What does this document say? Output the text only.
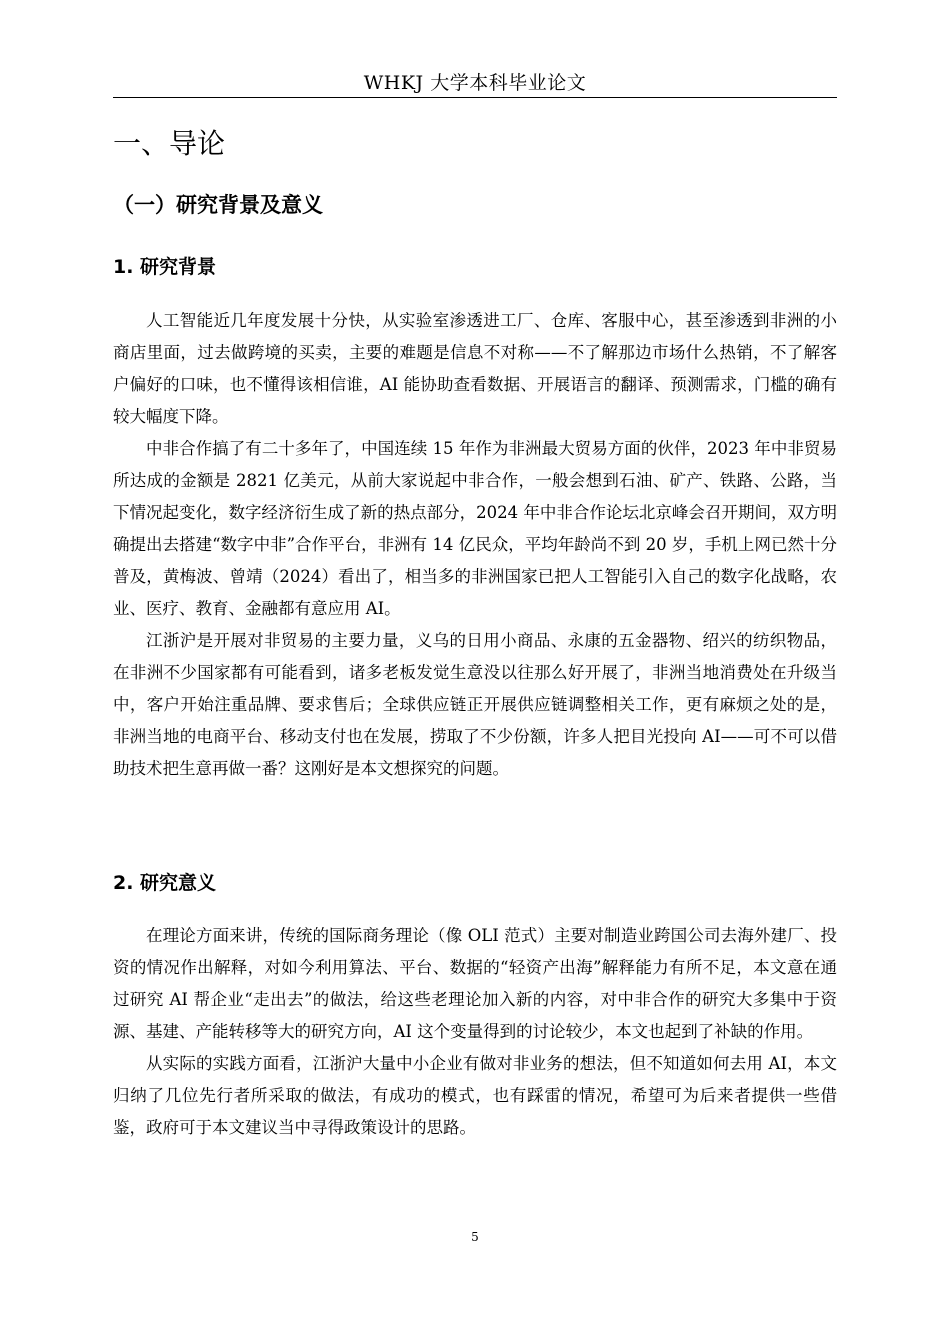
WHKJ 大学本科毕业论文
一、导论
（一）研究背景及意义
1. 研究背景

人工智能近几年度发展十分快，从实验室渗透进工厂、仓库、客服中心，甚至渗透到非洲的小商店里面，过去做跨境的买卖，主要的难题是信息不对称——不了解那边市场什么热销，不了解客户偏好的口味，也不懂得该相信谁，AI 能协助查看数据、开展语言的翻译、预测需求，门槛的确有较大幅度下降。

中非合作搞了有二十多年了，中国连续 15 年作为非洲最大贸易方面的伙伴，2023 年中非贸易所达成的金额是 2821 亿美元，从前大家说起中非合作，一般会想到石油、矿产、铁路、公路，当下情况起变化，数字经济衍生成了新的热点部分，2024 年中非合作论坛北京峰会召开期间，双方明确提出去搭建“数字中非”合作平台，非洲有 14 亿民众，平均年龄尚不到 20 岁，手机上网已然十分普及，黄梅波、曾靖（2024）看出了，相当多的非洲国家已把人工智能引入自己的数字化战略，农业、医疗、教育、金融都有意应用 AI。

江浙沪是开展对非贸易的主要力量，义乌的日用小商品、永康的五金器物、绍兴的纺织物品，在非洲不少国家都有可能看到，诸多老板发觉生意没以往那么好开展了，非洲当地消费处在升级当中，客户开始注重品牌、要求售后；全球供应链正开展供应链调整相关工作，更有麻烦之处的是，非洲当地的电商平台、移动支付也在发展，捞取了不少份额，许多人把目光投向 AI——可不可以借助技术把生意再做一番？这刚好是本文想探究的问题。

2. 研究意义

在理论方面来讲，传统的国际商务理论（像 OLI 范式）主要对制造业跨国公司去海外建厂、投资的情况作出解释，对如今利用算法、平台、数据的“轻资产出海”解释能力有所不足，本文意在通过研究 AI 帮企业“走出去”的做法，给这些老理论加入新的内容，对中非合作的研究大多集中于资源、基建、产能转移等大的研究方向，AI 这个变量得到的讨论较少，本文也起到了补缺的作用。

从实际的实践方面看，江浙沪大量中小企业有做对非业务的想法，但不知道如何去用 AI，本文归纳了几位先行者所采取的做法，有成功的模式，也有踩雷的情况，希望可为后来者提供一些借鉴，政府可于本文建议当中寻得政策设计的思路。

5
